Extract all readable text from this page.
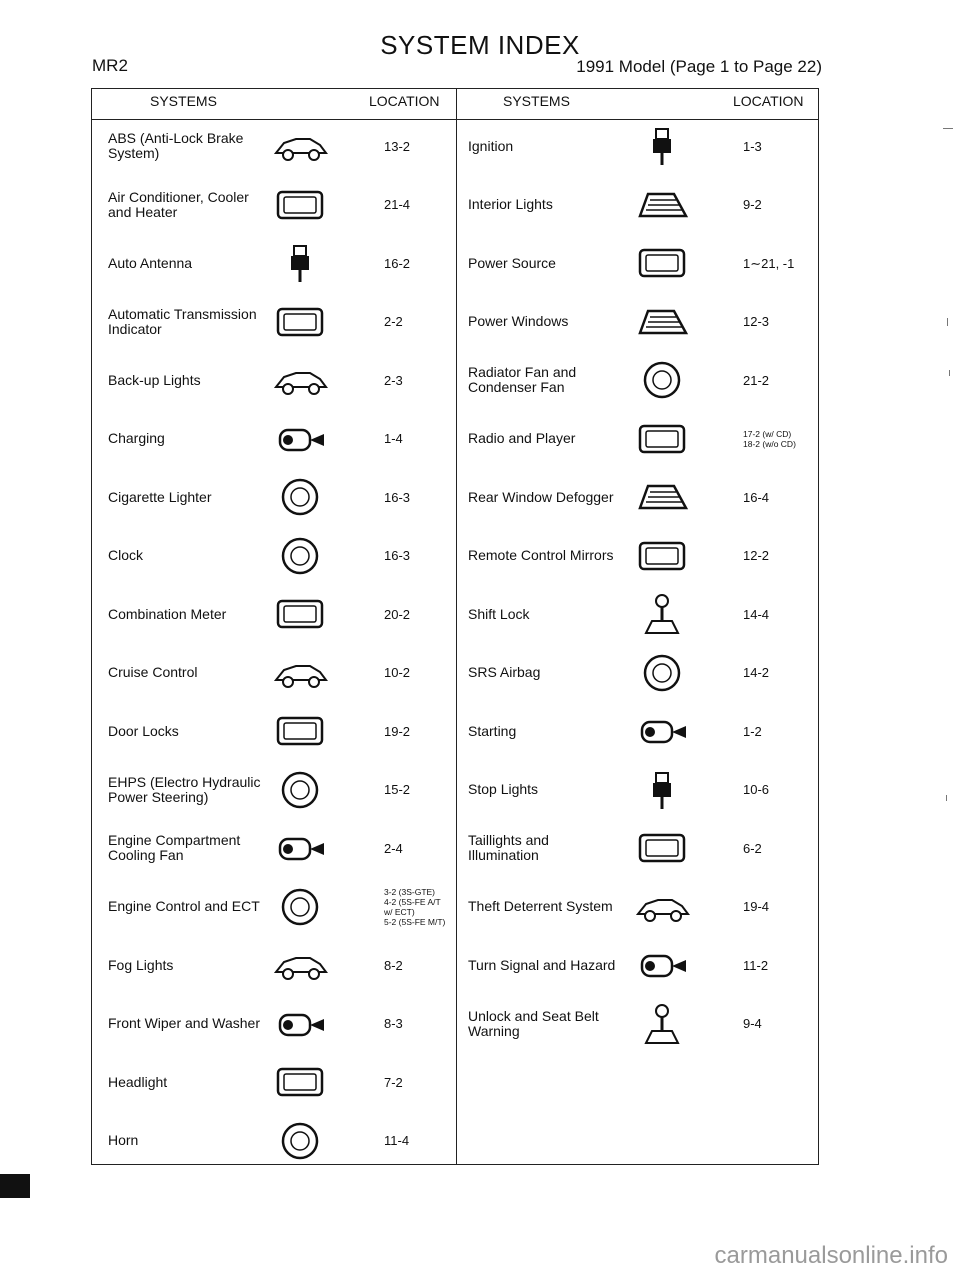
SYSTEM INDEX
MR2	1991 Model (Page 1 to Page 22)
SYSTEMS	LOCATION	SYSTEMS	LOCATION
ABS (Anti-Lock Brake
System)	13-2
Air Conditioner, Cooler
and Heater	21-4
Auto Antenna	16-2
Automatic Transmission
Indicator	2-2
Back-up Lights	2-3
Charging	1-4
Cigarette Lighter	16-3
Clock	16-3
Combination Meter	20-2
Cruise Control	10-2
Door Locks	19-2
EHPS (Electro Hydraulic
Power Steering)	15-2
Engine Compartment
Cooling Fan	2-4
Engine Control and ECT
3-2 (3S-GTE)
4-2 (5S-FE A/T
w/ ECT)
5-2 (5S-FE M/T)
Fog Lights	8-2
Front Wiper and Washer	8-3
Headlight	7-2
Horn	11-4
Ignition	1-3
Interior Lights	9-2
Power Source	1∼21, -1
Power Windows	12-3
Radiator Fan and
Condenser Fan	21-2
Radio and Player	17-2 (w/ CD)
18-2 (w/o CD)
Rear Window Defogger	16-4
Remote Control Mirrors	12-2
Shift Lock	14-4
SRS Airbag	14-2
Starting	1-2
Stop Lights	10-6
Taillights and
Illumination	6-2
Theft Deterrent System	19-4
Turn Signal and Hazard	11-2
Unlock and Seat Belt
Warning	9-4
carmanualsonline.info
